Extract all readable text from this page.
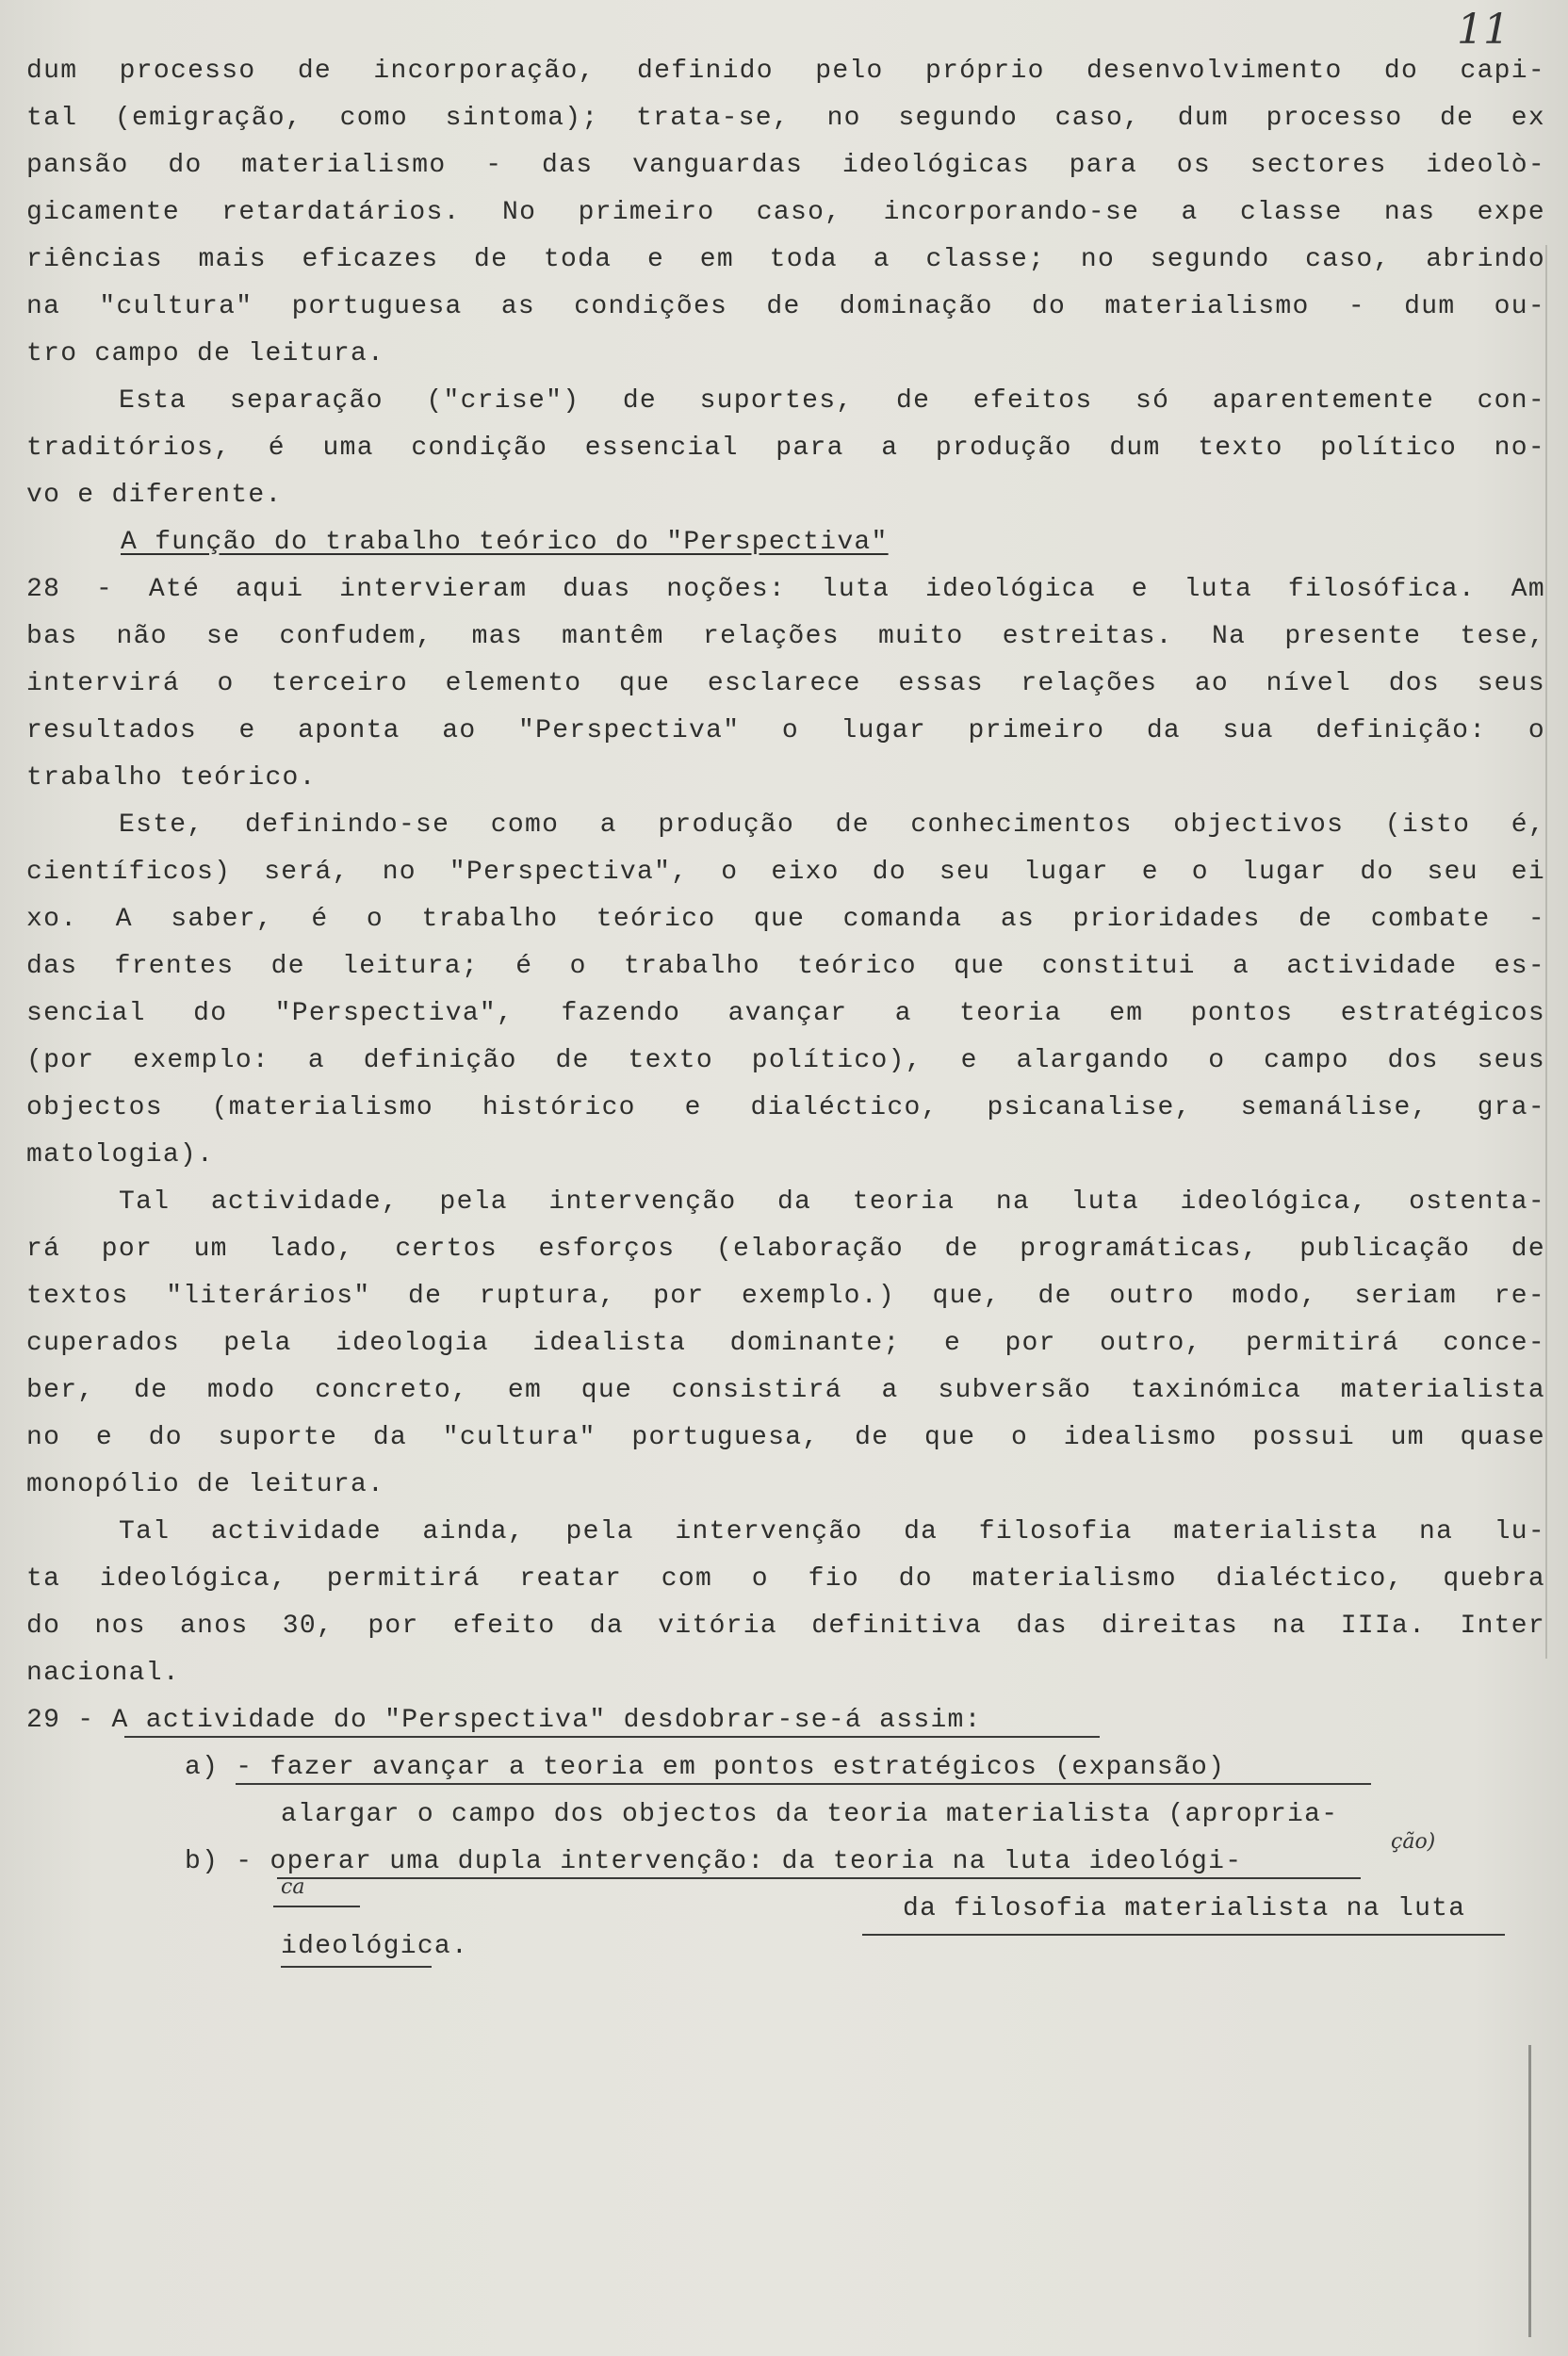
11
dum processo de incorporação, definido pelo próprio desenvolvimento do capi-
tal (emigração, como sintoma); trata-se, no segundo caso, dum processo de ex
pansão do materialismo - das vanguardas ideológicas para os sectores ideolò-
gicamente retardatários. No primeiro caso, incorporando-se a classe nas expe
riências mais eficazes de toda e em toda a classe; no segundo caso, abrindo
na "cultura" portuguesa as condições de dominação do materialismo - dum ou-
tro campo de leitura.
Esta separação ("crise") de suportes, de efeitos só aparentemente con-
traditórios, é uma condição essencial para a produção dum texto político no-
vo e diferente.
A função do trabalho teórico do "Perspectiva"
28 - Até aqui intervieram duas noções: luta ideológica e luta filosófica. Am
bas não se confudem, mas mantêm relações muito estreitas. Na presente tese,
intervirá o terceiro elemento que esclarece essas relações ao nível dos seus
resultados e aponta ao "Perspectiva" o lugar primeiro da sua definição: o
trabalho teórico.
Este, definindo-se como a produção de conhecimentos objectivos (isto é,
científicos) será, no "Perspectiva", o eixo do seu lugar e o lugar do seu ei
xo. A saber, é o trabalho teórico que comanda as prioridades de combate -
das frentes de leitura; é o trabalho teórico que constitui a actividade es-
sencial do "Perspectiva", fazendo avançar a teoria em pontos estratégicos
(por exemplo: a definição de texto político), e alargando o campo dos seus
objectos (materialismo histórico e dialéctico, psicanalise, semanálise, gra-
matologia).
Tal actividade, pela intervenção da teoria na luta ideológica, ostenta-
rá por um lado, certos esforços (elaboração de programáticas, publicação de
textos "literários" de ruptura, por exemplo.) que, de outro modo, seriam re-
cuperados pela ideologia idealista dominante; e por outro, permitirá conce-
ber, de modo concreto, em que consistirá a subversão taxinómica materialista
no e do suporte da "cultura" portuguesa, de que o idealismo possui um quase
monopólio de leitura.
Tal actividade ainda, pela intervenção da filosofia materialista na lu-
ta ideológica, permitirá reatar com o fio do materialismo dialéctico, quebra
do nos anos 30, por efeito da vitória definitiva das direitas na IIIa. Inter
nacional.
29 - A actividade do "Perspectiva" desdobrar-se-á assim:
a) - fazer avançar a teoria em pontos estratégicos (expansão)
alargar o campo dos objectos da teoria materialista (apropria-
ção)
b) - operar uma dupla intervenção: da teoria na luta ideológi-
ca
da filosofia materialista na luta
ideológica.
